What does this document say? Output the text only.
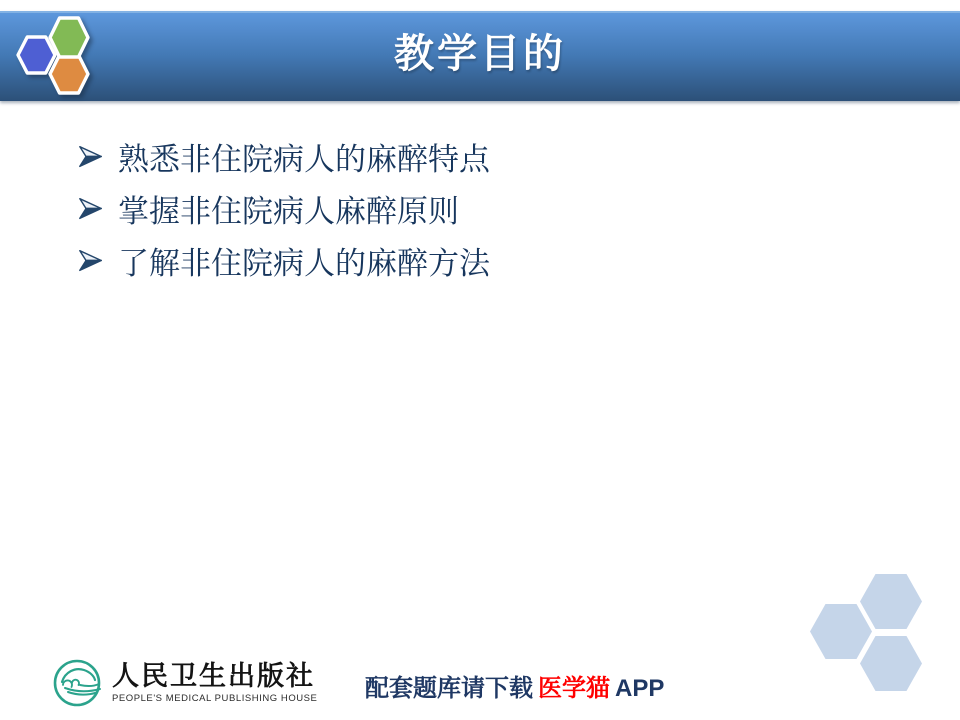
教学目的
熟悉非住院病人的麻醉特点
掌握非住院病人麻醉原则
了解非住院病人的麻醉方法
人民卫生出版社
PEOPLE'S MEDICAL PUBLISHING HOUSE 配套题库请下载 医学猫 APP
